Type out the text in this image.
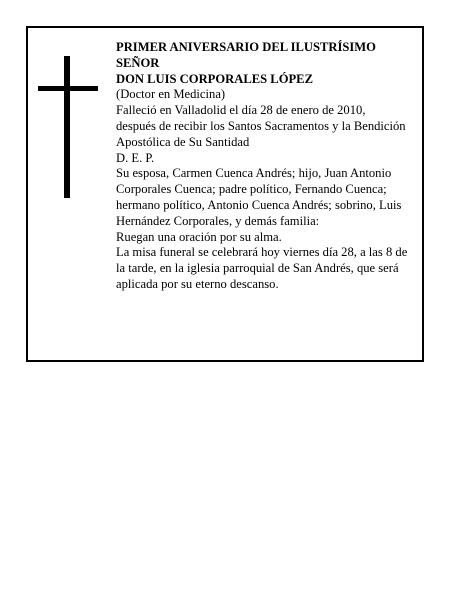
PRIMER ANIVERSARIO DEL ILUSTRÍSIMO SEÑOR

DON LUIS CORPORALES LÓPEZ

(Doctor en Medicina)

Falleció en Valladolid el día 28 de enero de 2010, después de recibir los Santos Sacramentos y la Bendición Apostólica de Su Santidad

D. E. P.

Su esposa, Carmen Cuenca Andrés; hijo, Juan Antonio Corporales Cuenca; padre político, Fernando Cuenca; hermano político, Antonio Cuenca Andrés; sobrino, Luis Hernández Corporales, y demás familia:

Ruegan una oración por su alma.

La misa funeral se celebrará hoy viernes día 28, a las 8 de la tarde, en la iglesia parroquial de San Andrés, que será aplicada por su eterno descanso.
